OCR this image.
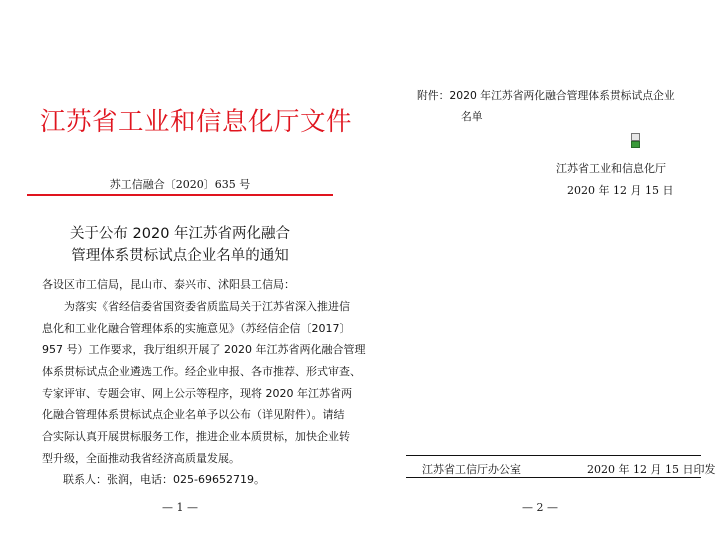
江苏省工业和信息化厅文件
苏工信融合〔2020〕635 号
关于公布 2020 年江苏省两化融合
管理体系贯标试点企业名单的通知
各设区市工信局，昆山市、泰兴市、沭阳县工信局：
　　为落实《省经信委省国资委省质监局关于江苏省深入推进信
息化和工业化融合管理体系的实施意见》（苏经信企信〔2017〕
957 号）工作要求，我厅组织开展了 2020 年江苏省两化融合管理
体系贯标试点企业遴选工作。经企业申报、各市推荐、形式审查、
专家评审、专题会审、网上公示等程序，现将 2020 年江苏省两
化融合管理体系贯标试点企业名单予以公布（详见附件）。请结
合实际认真开展贯标服务工作，推进企业本质贯标，加快企业转
型升级，全面推动我省经济高质量发展。
联系人：张润，电话：025-69652719。
— 1 —
附件：2020 年江苏省两化融合管理体系贯标试点企业
名单
江苏省工业和信息化厅
2020 年 12 月 15 日
江苏省工信厅办公室	2020 年 12 月 15 日印发
— 2 —
